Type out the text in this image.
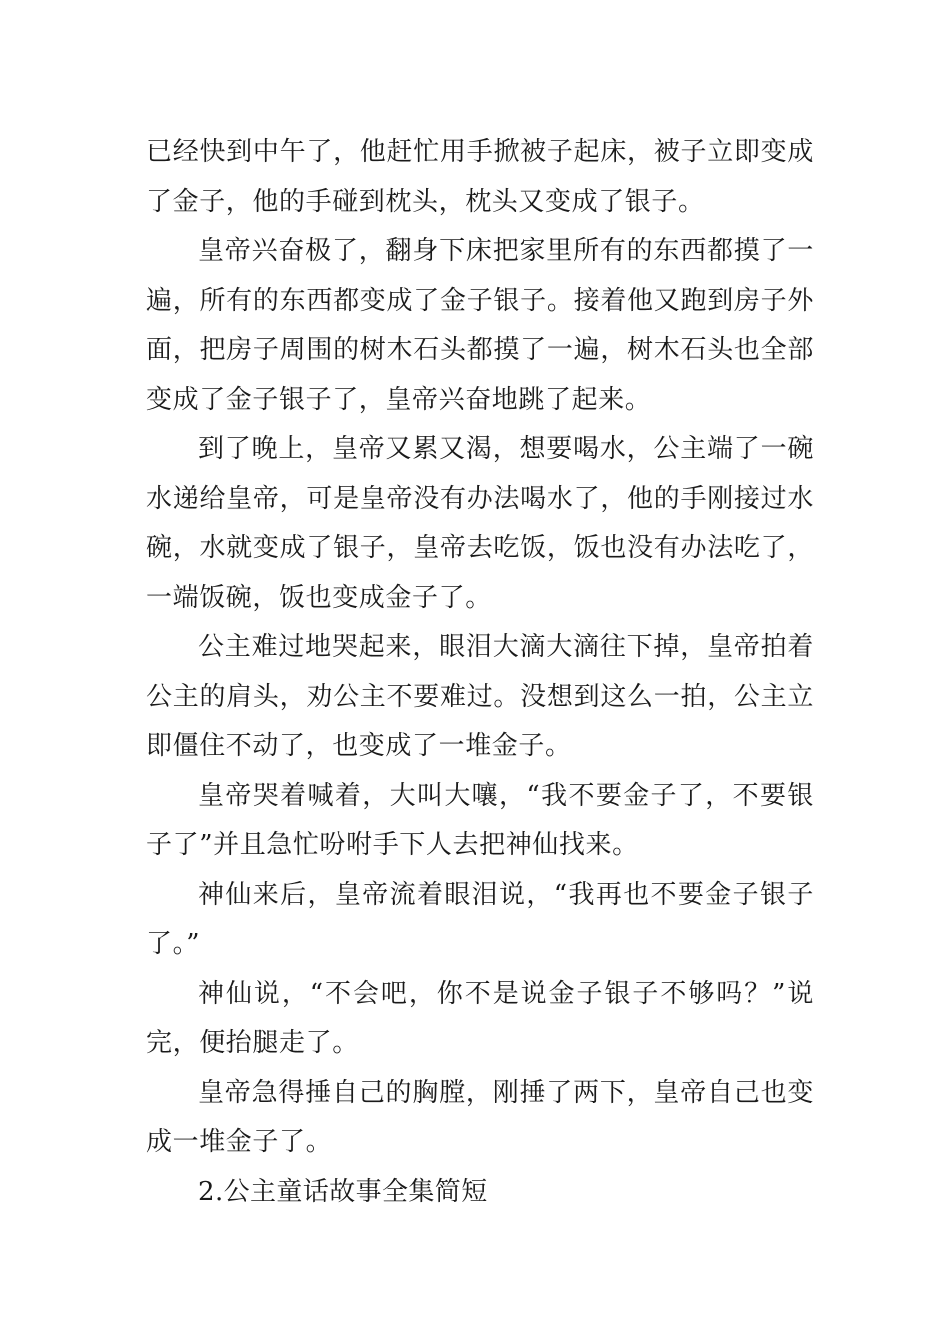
已经快到中午了，他赶忙用手掀被子起床，被子立即变成了金子，他的手碰到枕头，枕头又变成了银子。

皇帝兴奋极了，翻身下床把家里所有的东西都摸了一遍，所有的东西都变成了金子银子。接着他又跑到房子外面，把房子周围的树木石头都摸了一遍，树木石头也全部变成了金子银子了，皇帝兴奋地跳了起来。

到了晚上，皇帝又累又渴，想要喝水，公主端了一碗水递给皇帝，可是皇帝没有办法喝水了，他的手刚接过水碗，水就变成了银子，皇帝去吃饭，饭也没有办法吃了，一端饭碗，饭也变成金子了。

公主难过地哭起来，眼泪大滴大滴往下掉，皇帝拍着公主的肩头，劝公主不要难过。没想到这么一拍，公主立即僵住不动了，也变成了一堆金子。

皇帝哭着喊着，大叫大嚷，“我不要金子了，不要银子了”并且急忙吩咐手下人去把神仙找来。

神仙来后，皇帝流着眼泪说，“我再也不要金子银子了。”

神仙说，“不会吧，你不是说金子银子不够吗？”说完，便抬腿走了。

皇帝急得捶自己的胸膛，刚捶了两下，皇帝自己也变成一堆金子了。

2.公主童话故事全集简短
